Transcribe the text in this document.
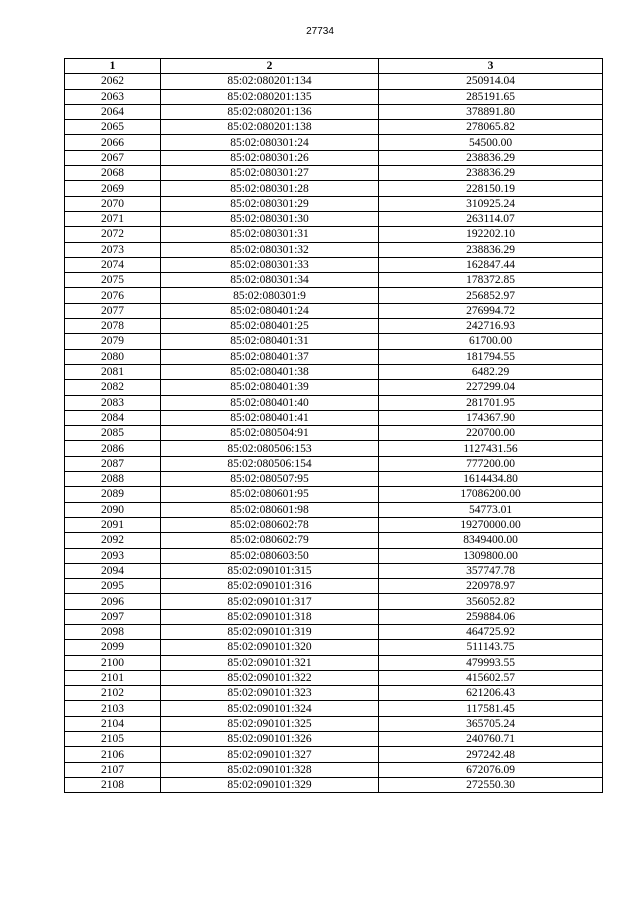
27734
1	2	3
2062	85:02:080201:134	250914.04
2063	85:02:080201:135	285191.65
2064	85:02:080201:136	378891.80
2065	85:02:080201:138	278065.82
2066	85:02:080301:24	54500.00
2067	85:02:080301:26	238836.29
2068	85:02:080301:27	238836.29
2069	85:02:080301:28	228150.19
2070	85:02:080301:29	310925.24
2071	85:02:080301:30	263114.07
2072	85:02:080301:31	192202.10
2073	85:02:080301:32	238836.29
2074	85:02:080301:33	162847.44
2075	85:02:080301:34	178372.85
2076	85:02:080301:9	256852.97
2077	85:02:080401:24	276994.72
2078	85:02:080401:25	242716.93
2079	85:02:080401:31	61700.00
2080	85:02:080401:37	181794.55
2081	85:02:080401:38	6482.29
2082	85:02:080401:39	227299.04
2083	85:02:080401:40	281701.95
2084	85:02:080401:41	174367.90
2085	85:02:080504:91	220700.00
2086	85:02:080506:153	1127431.56
2087	85:02:080506:154	777200.00
2088	85:02:080507:95	1614434.80
2089	85:02:080601:95	17086200.00
2090	85:02:080601:98	54773.01
2091	85:02:080602:78	19270000.00
2092	85:02:080602:79	8349400.00
2093	85:02:080603:50	1309800.00
2094	85:02:090101:315	357747.78
2095	85:02:090101:316	220978.97
2096	85:02:090101:317	356052.82
2097	85:02:090101:318	259884.06
2098	85:02:090101:319	464725.92
2099	85:02:090101:320	511143.75
2100	85:02:090101:321	479993.55
2101	85:02:090101:322	415602.57
2102	85:02:090101:323	621206.43
2103	85:02:090101:324	117581.45
2104	85:02:090101:325	365705.24
2105	85:02:090101:326	240760.71
2106	85:02:090101:327	297242.48
2107	85:02:090101:328	672076.09
2108	85:02:090101:329	272550.30
